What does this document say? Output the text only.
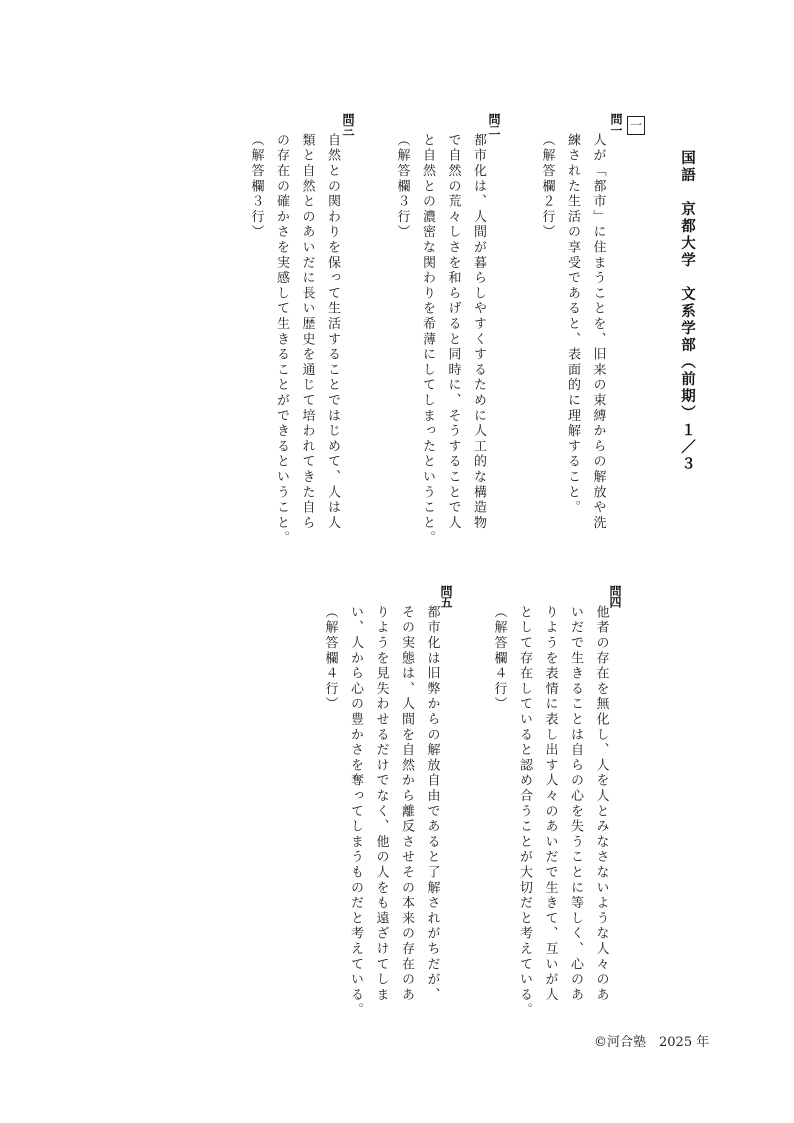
国語　京都大学　文系学部（前期）１／３
一
問一
人が「都市」に住まうことを、旧来の束縛からの解放や洗
練された生活の享受であると、表面的に理解すること。
（解答欄２行）
問二
都市化は、人間が暮らしやすくするために人工的な構造物
で自然の荒々しさを和らげると同時に、そうすることで人
と自然との濃密な関わりを希薄にしてしまったということ。
（解答欄３行）
問三
自然との関わりを保って生活することではじめて、人は人
類と自然とのあいだに長い歴史を通じて培われてきた自ら
の存在の確かさを実感して生きることができるということ。
（解答欄３行）
問四
他者の存在を無化し、人を人とみなさないような人々のあ
いだで生きることは自らの心を失うことに等しく、心のあ
りようを表情に表し出す人々のあいだで生きて、互いが人
として存在していると認め合うことが大切だと考えている。
（解答欄４行）
問五
都市化は旧弊からの解放自由であると了解されがちだが、
その実態は、人間を自然から離反させその本来の存在のあ
りようを見失わせるだけでなく、他の人をも遠ざけてしま
い、人から心の豊かさを奪ってしまうものだと考えている。
（解答欄４行）
©河合塾　2025 年
